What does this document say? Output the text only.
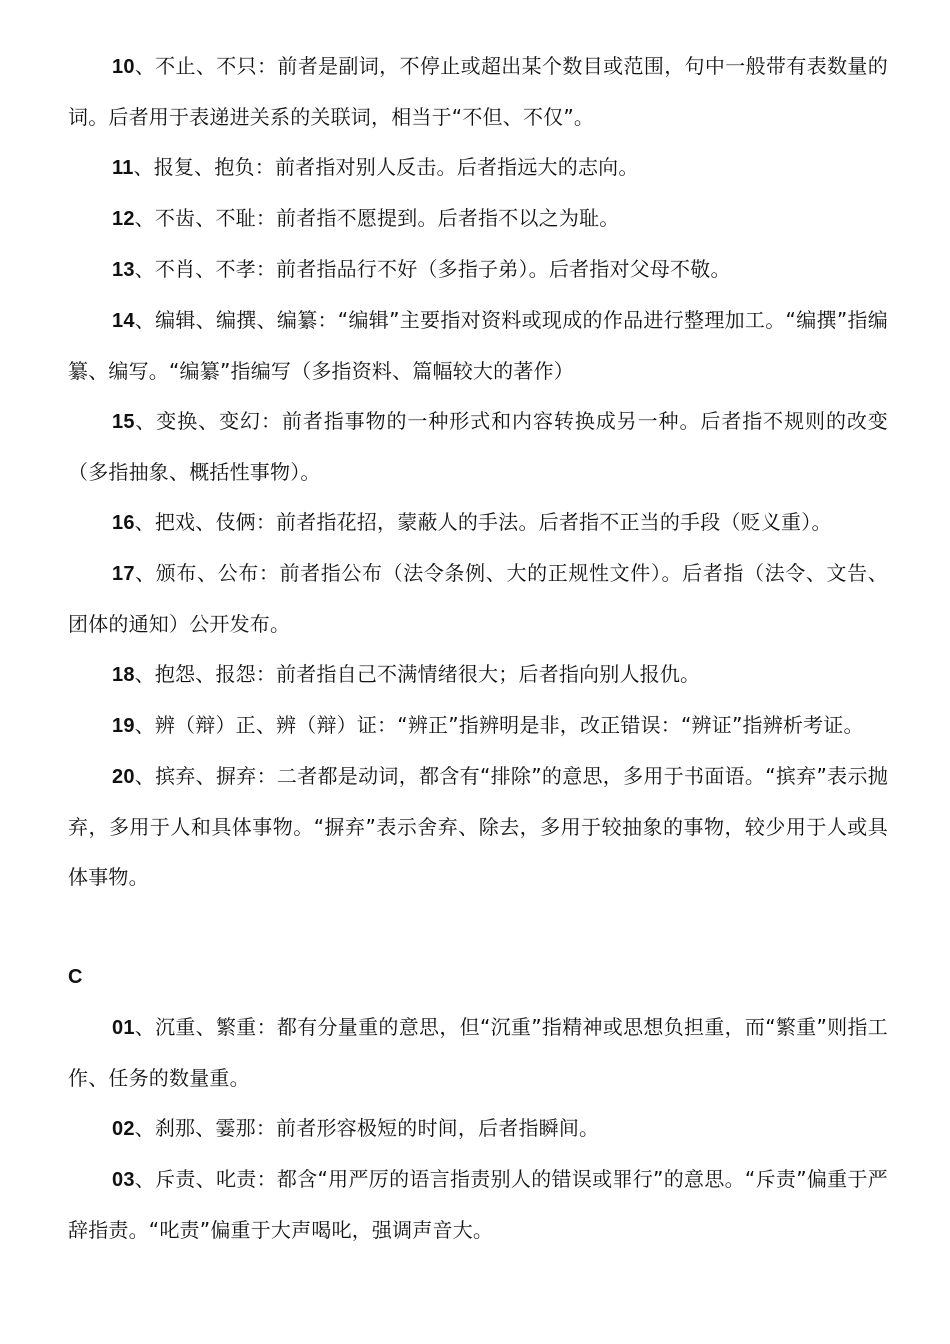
10、不止、不只：前者是副词，不停止或超出某个数目或范围，句中一般带有表数量的词。后者用于表递进关系的关联词，相当于“不但、不仅”。

11、报复、抱负：前者指对别人反击。后者指远大的志向。

12、不齿、不耻：前者指不愿提到。后者指不以之为耻。

13、不肖、不孝：前者指品行不好（多指子弟）。后者指对父母不敬。

14、编辑、编撰、编纂：“编辑”主要指对资料或现成的作品进行整理加工。“编撰”指编纂、编写。“编纂”指编写（多指资料、篇幅较大的著作）

15、变换、变幻：前者指事物的一种形式和内容转换成另一种。后者指不规则的改变（多指抽象、概括性事物）。

16、把戏、伎俩：前者指花招，蒙蔽人的手法。后者指不正当的手段（贬义重）。

17、颁布、公布：前者指公布（法令条例、大的正规性文件）。后者指（法令、文告、团体的通知）公开发布。

18、抱怨、报怨：前者指自己不满情绪很大；后者指向别人报仇。

19、辨（辩）正、辨（辩）证：“辨正”指辨明是非，改正错误：“辨证”指辨析考证。

20、摈弃、摒弃：二者都是动词，都含有“排除”的意思，多用于书面语。“摈弃”表示抛弃，多用于人和具体事物。“摒弃”表示舍弃、除去，多用于较抽象的事物，较少用于人或具体事物。

C

01、沉重、繁重：都有分量重的意思，但“沉重”指精神或思想负担重，而“繁重”则指工作、任务的数量重。

02、刹那、霎那：前者形容极短的时间，后者指瞬间。

03、斥责、叱责：都含“用严厉的语言指责别人的错误或罪行”的意思。“斥责”偏重于严辞指责。“叱责”偏重于大声喝叱，强调声音大。
